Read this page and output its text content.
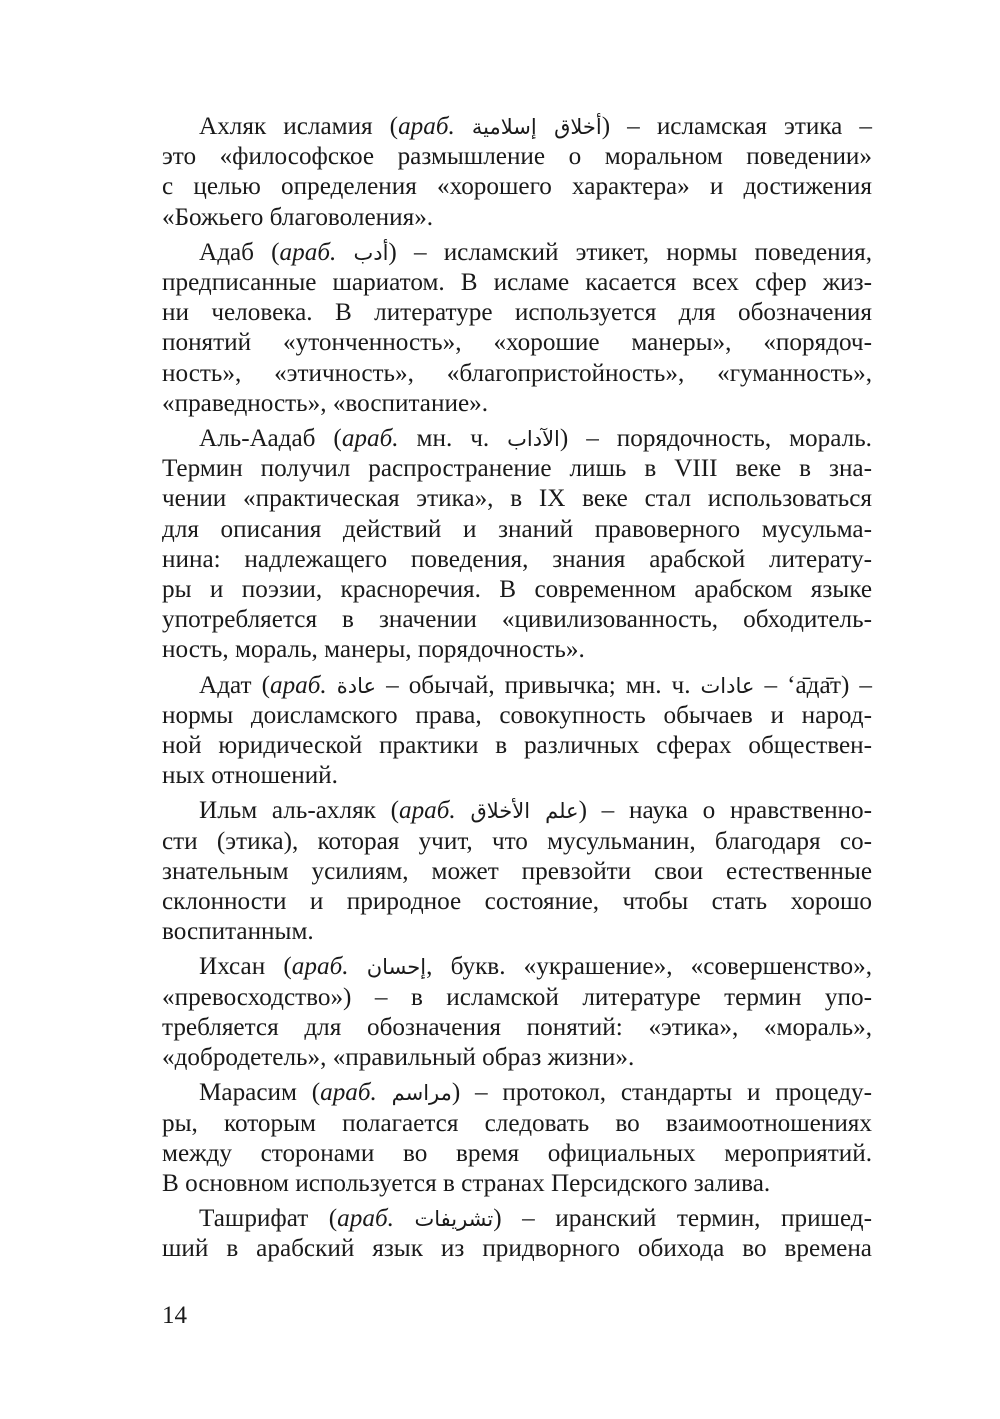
Ахляк исламия (араб. أخلاق إسلامية) – исламская этика –
это «философское размышление о моральном поведении»
с целью определения «хорошего характера» и достижения
«Божьего благоволения».
Адаб (араб. أدب) – исламский этикет, нормы поведения,
предписанные шариатом. В исламе касается всех сфер жиз-
ни человека. В литературе используется для обозначения
понятий «утонченность», «хорошие манеры», «порядоч-
ность», «этичность», «благопристойность», «гуманность»,
«праведность», «воспитание».
Аль-Аадаб (араб. мн. ч. الآداب) – порядочность, мораль.
Термин получил распространение лишь в VIII веке в зна-
чении «практическая этика», в IX веке стал использоваться
для описания действий и знаний правоверного мусульма-
нина: надлежащего поведения, знания арабской литерату-
ры и поэзии, красноречия. В современном арабском языке
употребляется в значении «цивилизованность, обходитель-
ность, мораль, манеры, порядочность».
Адат (араб. عادة – обычай, привычка; мн. ч. عادات – ‘а̄да̄т) –
нормы доисламского права, совокупность обычаев и народ-
ной юридической практики в различных сферах обществен-
ных отношений.
Ильм аль-ахляк (араб. علم الأخلاق) – наука о нравственно-
сти (этика), которая учит, что мусульманин, благодаря со-
знательным усилиям, может превзойти свои естественные
склонности и природное состояние, чтобы стать хорошо
воспитанным.
Ихсан (араб. إحسان, букв. «украшение», «совершенство»,
«превосходство») – в исламской литературе термин упо-
требляется для обозначения понятий: «этика», «мораль»,
«добродетель», «правильный образ жизни».
Марасим (араб. مراسم) – протокол, стандарты и процеду-
ры, которым полагается следовать во взаимоотношениях
между сторонами во время официальных мероприятий.
В основном используется в странах Персидского залива.
Ташрифат (араб. تشريفات) – иранский термин, пришед-
ший в арабский язык из придворного обихода во времена
14
